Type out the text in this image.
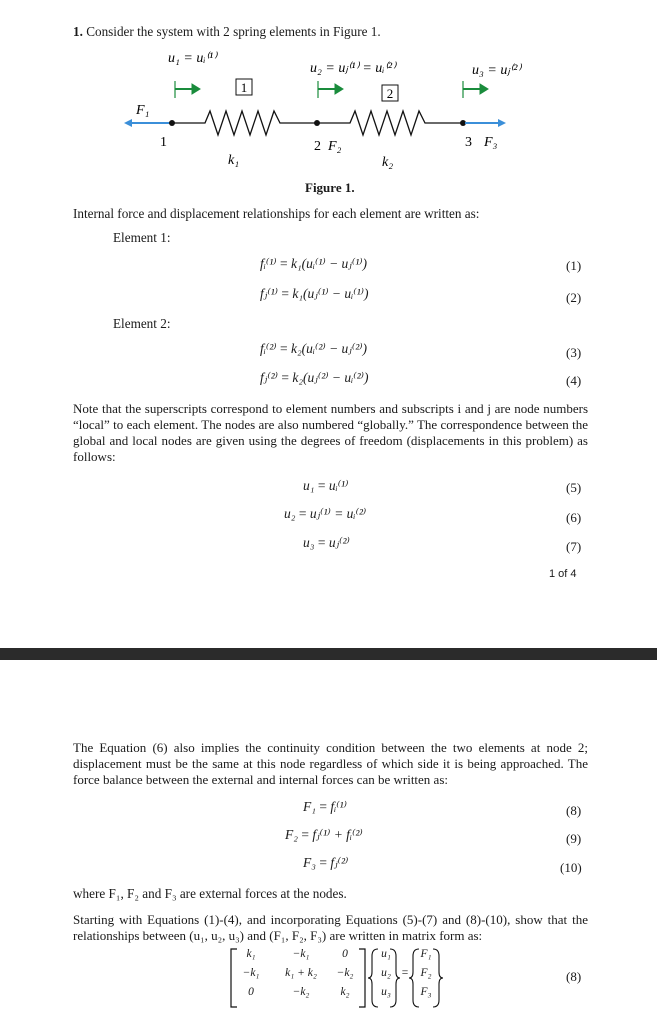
1. Consider the system with 2 spring elements in Figure 1.
u₁ = uᵢ⁽¹⁾
u₂ = uⱼ⁽¹⁾ = uᵢ⁽²⁾	u₃ = uⱼ⁽²⁾
1	2
F₁
1	2 F₂	3 F₃
k₁	k₂
Figure 1.
Internal force and displacement relationships for each element are written as:
Element 1:
fᵢ⁽¹⁾ = k₁(uᵢ⁽¹⁾ − uⱼ⁽¹⁾)	(1)
fⱼ⁽¹⁾ = k₁(uⱼ⁽¹⁾ − uᵢ⁽¹⁾)	(2)
Element 2:
fᵢ⁽²⁾ = k₂(uᵢ⁽²⁾ − uⱼ⁽²⁾)	(3)
fⱼ⁽²⁾ = k₂(uⱼ⁽²⁾ − uᵢ⁽²⁾)	(4)
Note that the superscripts correspond to element numbers and subscripts i and j are node numbers “local” to each element. The nodes are also numbered “globally.” The correspondence between the global and local nodes are given using the degrees of freedom (displacements in this problem) as follows:
u₁ = uᵢ⁽¹⁾	(5)
u₂ = uⱼ⁽¹⁾ = uᵢ⁽²⁾	(6)
u₃ = uⱼ⁽²⁾	(7)
1 of 4
The Equation (6) also implies the continuity condition between the two elements at node 2; displacement must be the same at this node regardless of which side it is being approached. The force balance between the external and internal forces can be written as:
F₁ = fᵢ⁽¹⁾	(8)
F₂ = fⱼ⁽¹⁾ + fᵢ⁽²⁾	(9)
F₃ = fⱼ⁽²⁾	(10)
where F₁, F₂ and F₃ are external forces at the nodes.
Starting with Equations (1)-(4), and incorporating Equations (5)-(7) and (8)-(10), show that the relationships between (u₁, u₂, u₃) and (F₁, F₂, F₃) are written in matrix form as:
k₁	−k₁	0
−k₁	k₁ + k₂	−k₂
0	−k₂	k₂
u₁
u₂
u₃
=
F₁
F₂
F₃
(8)
